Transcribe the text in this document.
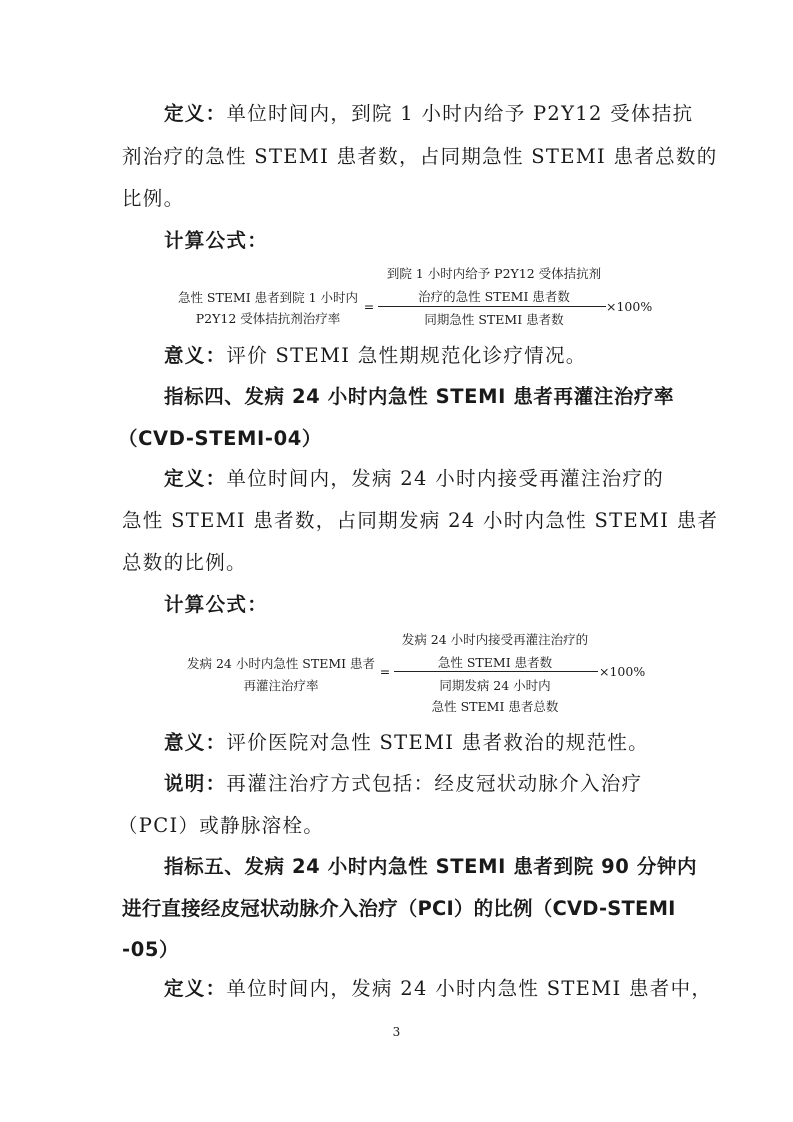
定义：单位时间内，到院 1 小时内给予 P2Y12 受体拮抗
剂治疗的急性 STEMI 患者数，占同期急性 STEMI 患者总数的
比例。
计算公式：
急性 STEMI 患者到院 1 小时内
P2Y12 受体拮抗剂治疗率
=
到院 1 小时内给予 P2Y12 受体拮抗剂
治疗的急性 STEMI 患者数
同期急性 STEMI 患者数
×100%
意义：评价 STEMI 急性期规范化诊疗情况。
指标四、发病 24 小时内急性 STEMI 患者再灌注治疗率
（CVD-STEMI-04）
定义：单位时间内，发病 24 小时内接受再灌注治疗的
急性 STEMI 患者数，占同期发病 24 小时内急性 STEMI 患者
总数的比例。
计算公式：
发病 24 小时内急性 STEMI 患者
再灌注治疗率
=
发病 24 小时内接受再灌注治疗的
急性 STEMI 患者数
同期发病 24 小时内
急性 STEMI 患者总数
×100%
意义：评价医院对急性 STEMI 患者救治的规范性。
说明：再灌注治疗方式包括：经皮冠状动脉介入治疗
（PCI）或静脉溶栓。
指标五、发病 24 小时内急性 STEMI 患者到院 90 分钟内
进行直接经皮冠状动脉介入治疗（PCI）的比例（CVD-STEMI
-05）
定义：单位时间内，发病 24 小时内急性 STEMI 患者中，
3
